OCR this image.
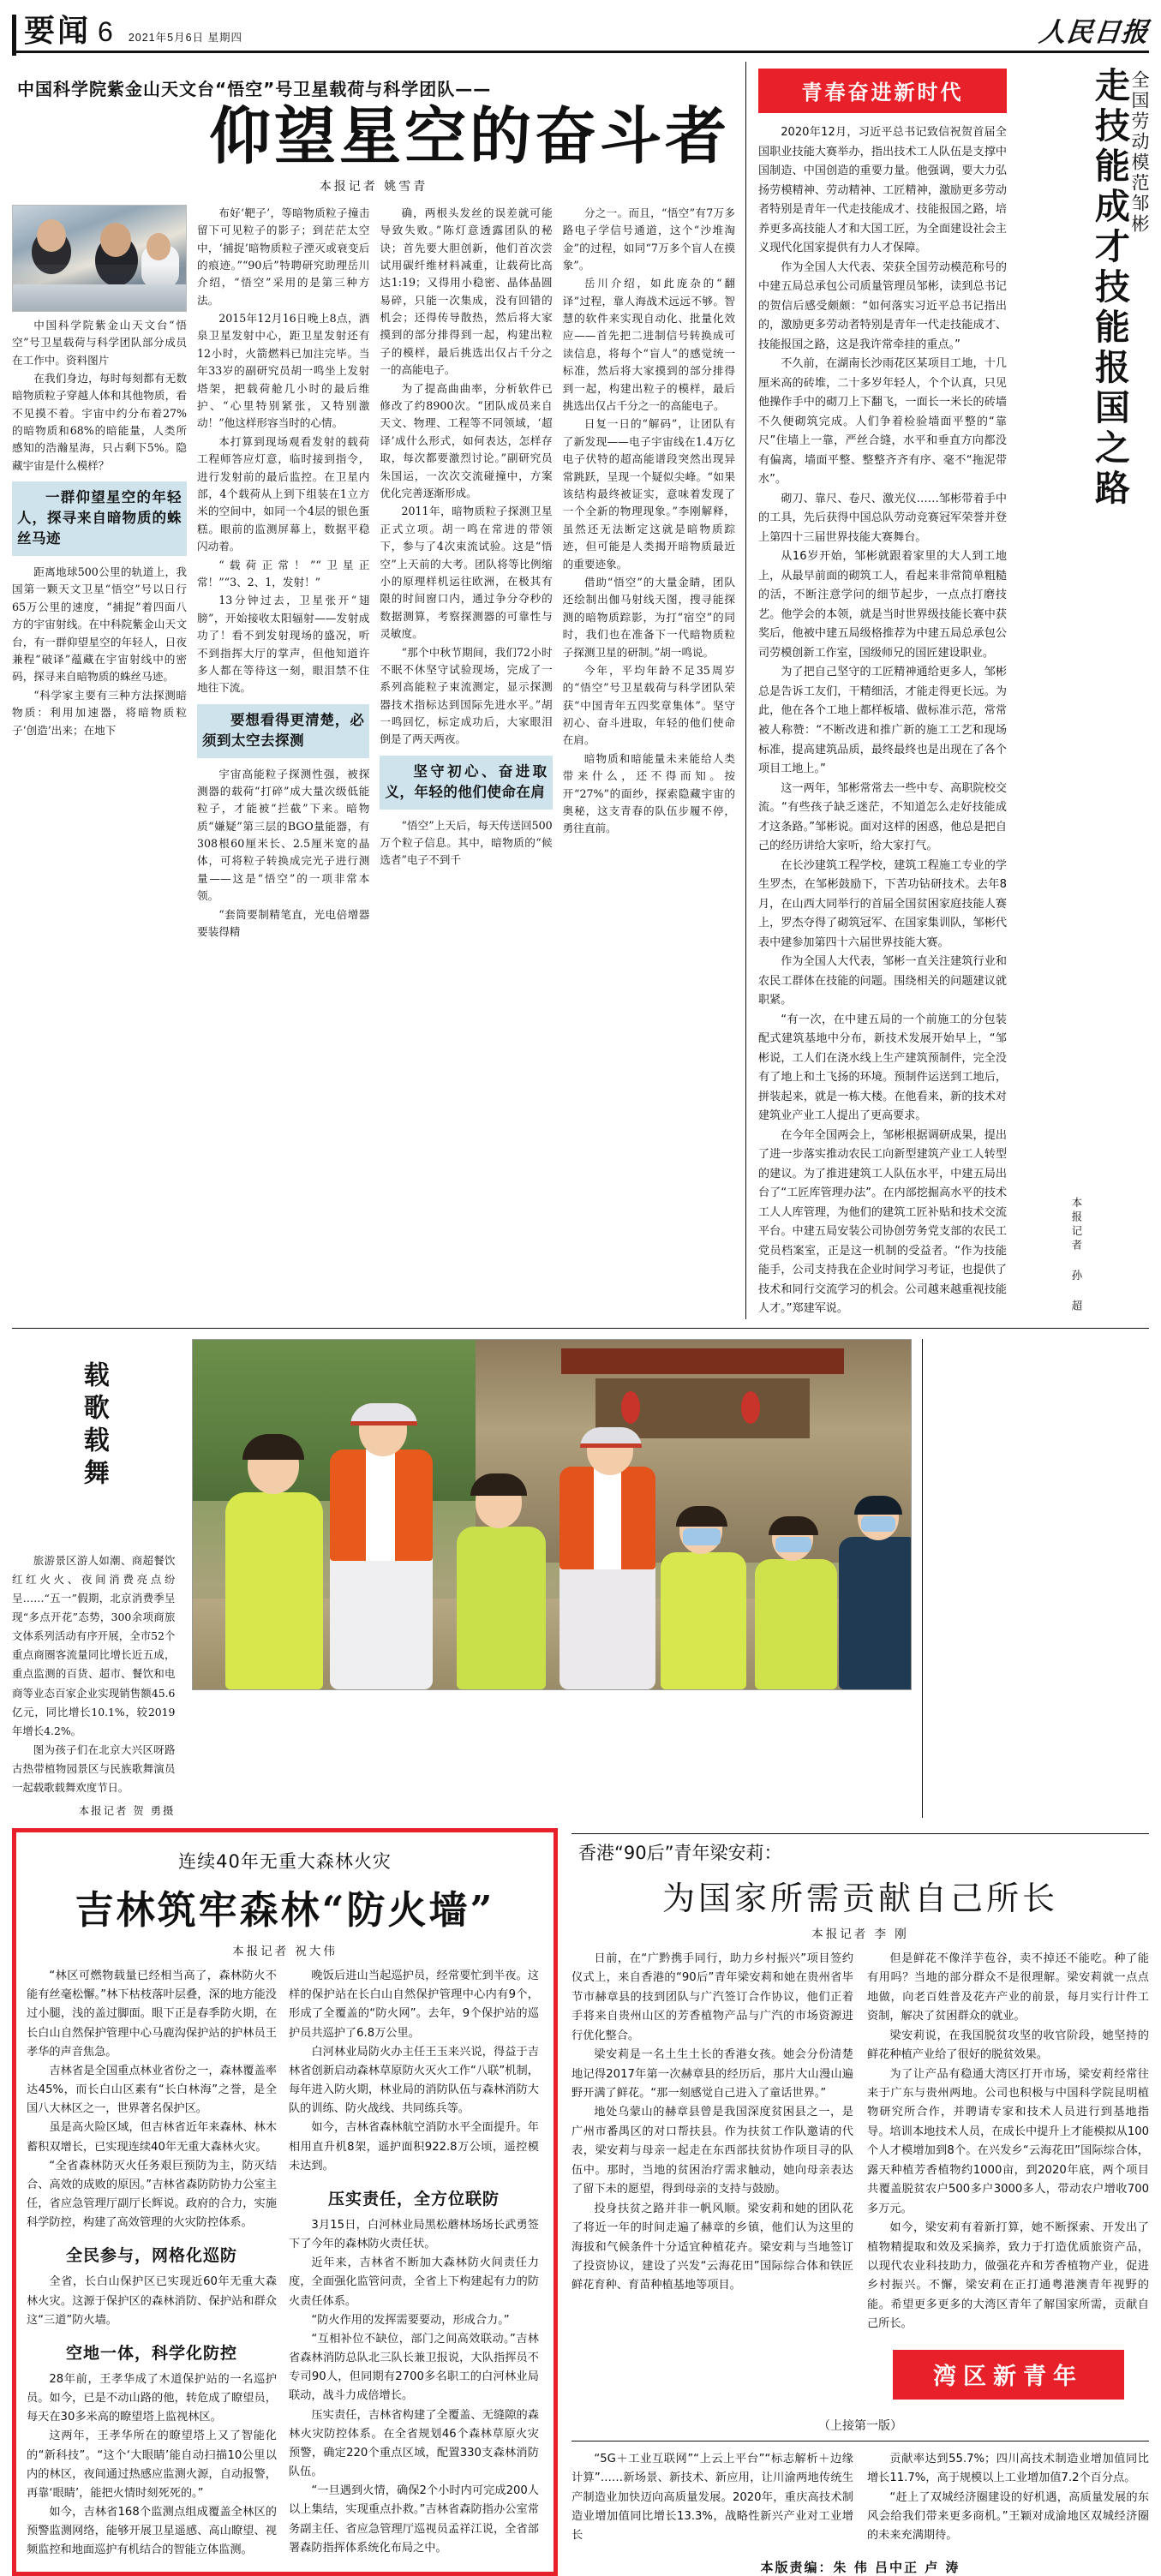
要闻 6 2021年5月6日 星期四	人民日报
中国科学院紫金山天文台“悟空”号卫星载荷与科学团队——
仰望星空的奋斗者
本报记者 姚雪青

中国科学院紫金山天文台“悟空”号卫星载荷与科学团队部分成员在工作中。资料图片

在我们身边，每时每刻都有无数暗物质粒子穿越人体和其他物质，看不见摸不着。宇宙中约分布着27%的暗物质和68%的暗能量，人类所感知的浩瀚星海，只占剩下5%。隐藏宇宙是什么模样？

一群仰望星空的年轻人，探寻来自暗物质的蛛丝马迹

距离地球500公里的轨道上，我国第一颗天文卫星“悟空”号以日行65万公里的速度，“捕捉”着四面八方的宇宙射线。在中科院紫金山天文台，有一群仰望星空的年轻人，日夜兼程“破译”蕴藏在宇宙射线中的密码，探寻来自暗物质的蛛丝马迹。

“科学家主要有三种方法探测暗物质：利用加速器，将暗物质粒子‘创造’出来；在地下

布好‘靶子’，等暗物质粒子撞击留下可见粒子的影子；到茫茫太空中，‘捕捉’暗物质粒子湮灭或衰变后的痕迹。”“90后”特聘研究助理岳川介绍，“悟空”采用的是第三种方法。

2015年12月16日晚上8点，酒泉卫星发射中心，距卫星发射还有12小时，火箭燃料已加注完毕。当年33岁的副研究员胡一鸣坐上发射塔架，把载荷舱几小时的最后维护、“心里特别紧张，又特别激动！”他这样形容当时的心情。

本打算到现场观看发射的载荷工程师答应灯意，临时接到指令，进行发射前的最后监控。在卫星内部，4个载荷从上到下组装在1立方米的空间中，如同一个4层的银色蛋糕。眼前的监测屏幕上，数据平稳闪动着。

“载荷正常！”“卫星正常！”“3、2、1，发射！”

13分钟过去，卫星张开“翅膀”，开始接收太阳辐射——发射成功了！看不到发射现场的盛况，听不到指挥大厅的掌声，但他知道许多人都在等待这一刻，眼泪禁不住地往下流。

要想看得更清楚，必须到太空去探测

宇宙高能粒子探测性强，被探测器的载荷“打碎”成大量次级低能粒子，才能被“拦截”下来。暗物质“嫌疑”第三层的BGO量能器，有308根60厘米长、2.5厘米宽的晶体，可将粒子转换成完光子进行测量——这是“悟空”的一项非常本领。

“套筒要制精笔直，光电倍增器要装得精

确，两根头发丝的误差就可能导致失败。”陈灯意透露团队的秘诀；首先要大胆创新，他们首次尝试用碳纤维材料减重，让载荷比高达1:19；又得用小稳密、晶体晶圆易碎，只能一次集成，没有回错的机会；还得传导散热，然后将大家摸到的部分排得到一起，构建出粒子的模样，最后挑选出仅占千分之一的高能电子。

为了提高曲曲率，分析软件已修改了约8900次。“团队成员来自天文、物理、工程等不同领域，‘超译’成什么形式，如何表达，怎样存取，每次都要激烈讨论。”副研究员朱国运，一次次交流碰撞中，方案优化完善逐渐形成。

2011年，暗物质粒子探测卫星正式立项。胡一鸣在常进的带领下，参与了4次束流试验。这是“悟空”上天前的大考。团队将等比例缩小的原理样机运往欧洲，在极其有限的时间窗口内，通过争分夺秒的数据测算，考察探测器的可靠性与灵敏度。

“那个中秋节期间，我们72小时不眠不休坚守试验现场，完成了一系列高能粒子束流测定，显示探测器技术指标达到国际先进水平。”胡一鸣回忆，标定成功后，大家眼泪倒是了两天两夜。

坚守初心、奋进取义，年轻的他们使命在肩

“悟空”上天后，每天传送回500万个粒子信息。其中，暗物质的“候选者”电子不到千

分之一。而且，“悟空”有7万多路电子学信号通道，这个“沙堆淘金”的过程，如同“7万多个盲人在摸象”。

岳川介绍，如此庞杂的“翻译”过程，靠人海战术远远不够。智慧的软件来实现自动化、批量化效应——首先把二进制信号转换成可读信息，将每个“盲人”的感觉统一标准，然后将大家摸到的部分排得到一起，构建出粒子的模样，最后挑选出仅占千分之一的高能电子。

日复一日的“解码”，让团队有了新发现——电子宇宙线在1.4万亿电子伏特的超高能谱段突然出现异常跳跃，呈现一个疑似尖峰。“如果该结构最终被证实，意味着发现了一个全新的物理现象。”李刚解释，虽然还无法断定这就是暗物质踪迹，但可能是人类揭开暗物质最近的重要迹象。

借助“悟空”的大量金睛，团队还绘制出伽马射线天图，搜寻能探测的暗物质踪影，为打“宿空”的同时，我们也在准备下一代暗物质粒子探测卫星的研制。”胡一鸣说。

今年，平均年龄不足35周岁的“悟空”号卫星载荷与科学团队荣获“中国青年五四奖章集体”。坚守初心、奋斗进取，年轻的他们使命在肩。

暗物质和暗能量未来能给人类带来什么，还不得而知。按开“27%”的面纱，探索隐藏宇宙的奥秘，这支青春的队伍步履不停，勇往直前。

青春奋进新时代

2020年12月，习近平总书记致信祝贺首届全国职业技能大赛举办，指出技术工人队伍是支撑中国制造、中国创造的重要力量。他强调，要大力弘扬劳模精神、劳动精神、工匠精神，激励更多劳动者特别是青年一代走技能成才、技能报国之路，培养更多高技能人才和大国工匠，为全面建设社会主义现代化国家提供有力人才保障。

作为全国人大代表、荣获全国劳动模范称号的中建五局总承包公司质量管理员邹彬，读到总书记的贺信后感受颇颇：“如何落实习近平总书记指出的，激励更多劳动者特别是青年一代走技能成才、技能报国之路，这是我许常牵挂的重点。”

不久前，在湖南长沙雨花区某项目工地，十几厘米高的砖堆，二十多岁年轻人，个个认真，只见他操作手中的砌刀上下翻飞，一面长一米长的砖墙不久便砌筑完成。人们争着检验墙面平整的“靠尺”住墙上一靠，严丝合缝，水平和垂直方向都没有偏离，墙面平整、整整齐齐有序、毫不“拖泥带水”。

砌刀、靠尺、卷尺、激光仪……邹彬带着手中的工具，先后获得中国总队劳动竞赛冠军荣誉并登上第四十三届世界技能大赛舞台。

从16岁开始，邹彬就跟着家里的大人到工地上，从最早前面的砌筑工人，看起来非常简单粗糙的活，不断注意学问的细节起步，一点点打磨技艺。他学会的本领，就是当时世界级技能长赛中获奖后，他被中建五局级格推荐为中建五局总承包公司劳模创新工作室，国级师兄的国匠建设职业。

为了把自己坚守的工匠精神通给更多人，邹彬总是告诉工友们，干精细活，才能走得更长远。为此，他在各个工地上都样板墙、做标准示范，常常被人称赞：“不断改进和推广新的施工工艺和现场标准，提高建筑品质，最终最终也是出现在了各个项目工地上。”

这一两年，邹彬常常去一些中专、高职院校交流。“有些孩子缺乏迷茫，不知道怎么走好技能成才这条路。”邹彬说。面对这样的困惑，他总是把自己的经历讲给大家听，给大家打气。

在长沙建筑工程学校，建筑工程施工专业的学生罗杰，在邹彬鼓励下，下苦功钻研技术。去年8月，在山西大同举行的首届全国贫困家庭技能人赛上，罗杰夺得了砌筑冠军、在国家集训队，邹彬代表中建参加第四十六届世界技能大赛。

作为全国人大代表，邹彬一直关注建筑行业和农民工群体在技能的问题。围绕相关的问题建议就职紧。

“有一次，在中建五局的一个前施工的分包装配式建筑基地中分布，新技术发展开始早上，“邹彬说，工人们在浇水线上生产建筑预制件，完全没有了地上和土飞扬的环境。预制件运送到工地后，拼装起来，就是一栋大楼。在他看来，新的技术对建筑业产业工人提出了更高要求。

在今年全国两会上，邹彬根据调研成果，提出了进一步落实推动农民工向新型建筑产业工人转型的建议。为了推进建筑工人队伍水平，中建五局出台了“工匠库管理办法”。在内部挖掘高水平的技术工人人库管理，为他们的建筑工匠补贴和技术交流平台。中建五局安装公司协创劳务党支部的农民工党员档案室，正是这一机制的受益者。“作为技能能手，公司支持我在企业时间学习考证，也提供了技术和同行交流学习的机会。公司越来越重视技能人才。”郑建军说。

全国劳动模范邹彬
走技能成才技能报国之路
本报记者 孙 超
载歌载舞

旅游景区游人如潮、商超餐饮红红火火、夜间消费亮点纷呈……“五一”假期，北京消费季呈现“多点开花”态势，300余项商旅文体系列活动有序开展，全市52个重点商圈客流量同比增长近五成，重点监测的百货、超市、餐饮和电商等业态百家企业实现销售额45.6亿元，同比增长10.1%，较2019年增长4.2%。

图为孩子们在北京大兴区呀路古热带植物园景区与民族歌舞演员一起载歌载舞欢度节日。

本报记者 贺 勇摄

连续40年无重大森林火灾
吉林筑牢森林“防火墙”
本报记者 祝大伟

“林区可燃物载量已经相当高了，森林防火不能有丝毫松懈。”林下枯枝落叶层叠，深的地方能没过小腿，浅的盖过脚面。眼下正是春季防火期，在长白山自然保护管理中心马鹿沟保护站的护林员王孝华的声音焦急。

吉林省是全国重点林业省份之一，森林覆盖率达45%，而长白山区素有“长白林海”之誉，是全国八大林区之一，世界著名保护区。

虽是高火险区域，但吉林省近年来森林、林木蓄积双增长，已实现连续40年无重大森林火灾。

“全省森林防灭火任务艰巨预防为主，防灭结合、高效的成败的原因。”吉林省森防防协力公室主任，省应急管理厅副厅长辉说。政府的合力，实施科学防控，构建了高效管理的火灾防控体系。

全民参与，网格化巡防

全省，长白山保护区已实现近60年无重大森林火灾。这源于保护区的森林消防、保护站和群众这“三道”防火墙。

空地一体，科学化防控

28年前，王孝华成了木道保护站的一名巡护员。如今，已是不动山路的他，转危成了瞭望员，每天在30多米高的瞭望塔上监视林区。

这两年，王孝华所在的瞭望塔上又了智能化的“新科技”。“这个‘大眼睛’能自动扫描10公里以内的林区，夜间通过热感应监测火源，自动报警，再靠‘眼睛’，能把火情时刻死死的。”

如今，吉林省168个监测点组成覆盖全林区的预警监测网络，能够开展卫星遥感、高山瞭望、视频监控和地面巡护有机结合的智能立体监测。

晚饭后进山当起巡护员，经常要忙到半夜。这样的保护站在长白山自然保护管理中心内有9个，形成了全覆盖的“防火网”。去年，9个保护站的巡护员共巡护了6.8万公里。

白河林业局防火办主任王玉来兴说，得益于吉林省创新启动森林草原防火灭火工作“八联”机制，每年进入防火期，林业局的消防队伍与森林消防大队的训练、防火战线、共同练兵等。

如今，吉林省森林航空消防水平全面提升。年相用直升机8架，遥护面积922.8万公顷，遥控模未达到。

压实责任，全方位联防

3月15日，白河林业局黑松蘑林场场长武勇签下了今年的森林防火责任状。

近年来，吉林省不断加大森林防火间责任力度，全面强化监管问责，全省上下构建起有力的防火责任体系。

“防火作用的发挥需要要动，形成合力。”

“互相补位不缺位，部门之间高效联动。”吉林省森林消防总队北三队长兼卫报说，大队指挥员不专司90人，但同期有2700多名职工的白河林业局联动，战斗力成倍增长。

压实责任，吉林省构建了全覆盖、无缝隙的森林火灾防控体系。在全省规划46个森林草原火灾预警，确定220个重点区域，配置330支森林消防队伍。

“一旦遇到火情，确保2个小时内可完成200人以上集结，实现重点扑救。”吉林省森防指办公室常务副主任、省应急管理厅巡视员孟祥江说，全省部署森防指挥体系统化布局之中。

香港“90后”青年梁安莉：
为国家所需贡献自己所长
本报记者 李 刚

日前，在“广黔携手同行，助力乡村振兴”项目签约仪式上，来自香港的“90后”青年梁安莉和她在贵州省毕节市赫章县的技到团队与广汽签订合作协议，他们正着手将来自贵州山区的芳香植物产品与广汽的市场资源进行优化整合。

梁安莉是一名土生土长的香港女孩。她会分份清楚地记得2017年第一次赫章县的经历后，那片大山漫山遍野开满了鲜花。“那一刻感觉自己进入了童话世界。”

地处乌蒙山的赫章县曾是我国深度贫困县之一，是广州市番禺区的对口帮扶县。作为扶贫工作队邀请的代表，梁安莉与母亲一起走在东西部扶贫协作项目寻的队伍中。那时，当地的贫困治疗需求触动，她向母亲表达了留下未的愿望，得到母亲的支持与鼓励。

投身扶贫之路并非一帆风顺。梁安莉和她的团队花了将近一年的时间走遍了赫章的乡镇，他们认为这里的海拔和气候条件十分适宜种植花卉。梁安莉与当地签订了投资协议，建设了兴发“云海花田”国际综合体和铁匠鲜花育种、育苗种植基地等项目。

但是鲜花不像洋芋苞谷，卖不掉还不能吃。种了能有用吗？当地的部分群众不是很理解。梁安莉就一点点地做，向老百姓普及花卉产业的前景，每月实行计件工资制，解决了贫困群众的就业。

梁安莉说，在我国脱贫攻坚的收官阶段，她坚持的鲜花种植产业给了很好的脱贫效果。

为了让产品有稳通大湾区打开市场，梁安莉经常往来于广东与贵州两地。公司也积极与中国科学院昆明植物研究所合作，并聘请专家和技术人员进行到基地指导。培训本地技术人员，在成长中提升上才能模拟从100个人才模增加到8个。在兴发乡“云海花田”国际综合体，露天种植芳香植物约1000亩，到2020年底，两个项目共覆盖脱贫农户500多户3000多人，带动农户增收700多万元。

如今，梁安莉有着新打算，她不断探索、开发出了植物精提取和效及采摘养，致力于打造优质旅资产品，以现代农业科技助力，做强花卉和芳香植物产业，促进乡村振兴。不懈，梁安莉在正打通粤港澳青年视野的能。希望更多更多的大湾区青年了解国家所需，贡献自己所长。

湾区新青年
（上接第一版）

“5G＋工业互联网”“上云上平台”“标志解析＋边缘计算”……新场景、新技术、新应用，让川渝两地传统生产制造业加快迈向高质量发展。2020年，重庆高技术制造业增加值同比增长13.3%，战略性新兴产业对工业增长

贡献率达到55.7%；四川高技术制造业增加值同比增长11.7%，高于规模以上工业增加值7.2个百分点。

“赶上了双城经济圈建设的好机遇，高质量发展的东风会给我们带来更多商机。”王颖对成渝地区双城经济圈的未来充满期待。

本版责编：朱 伟 吕中正 卢 涛
